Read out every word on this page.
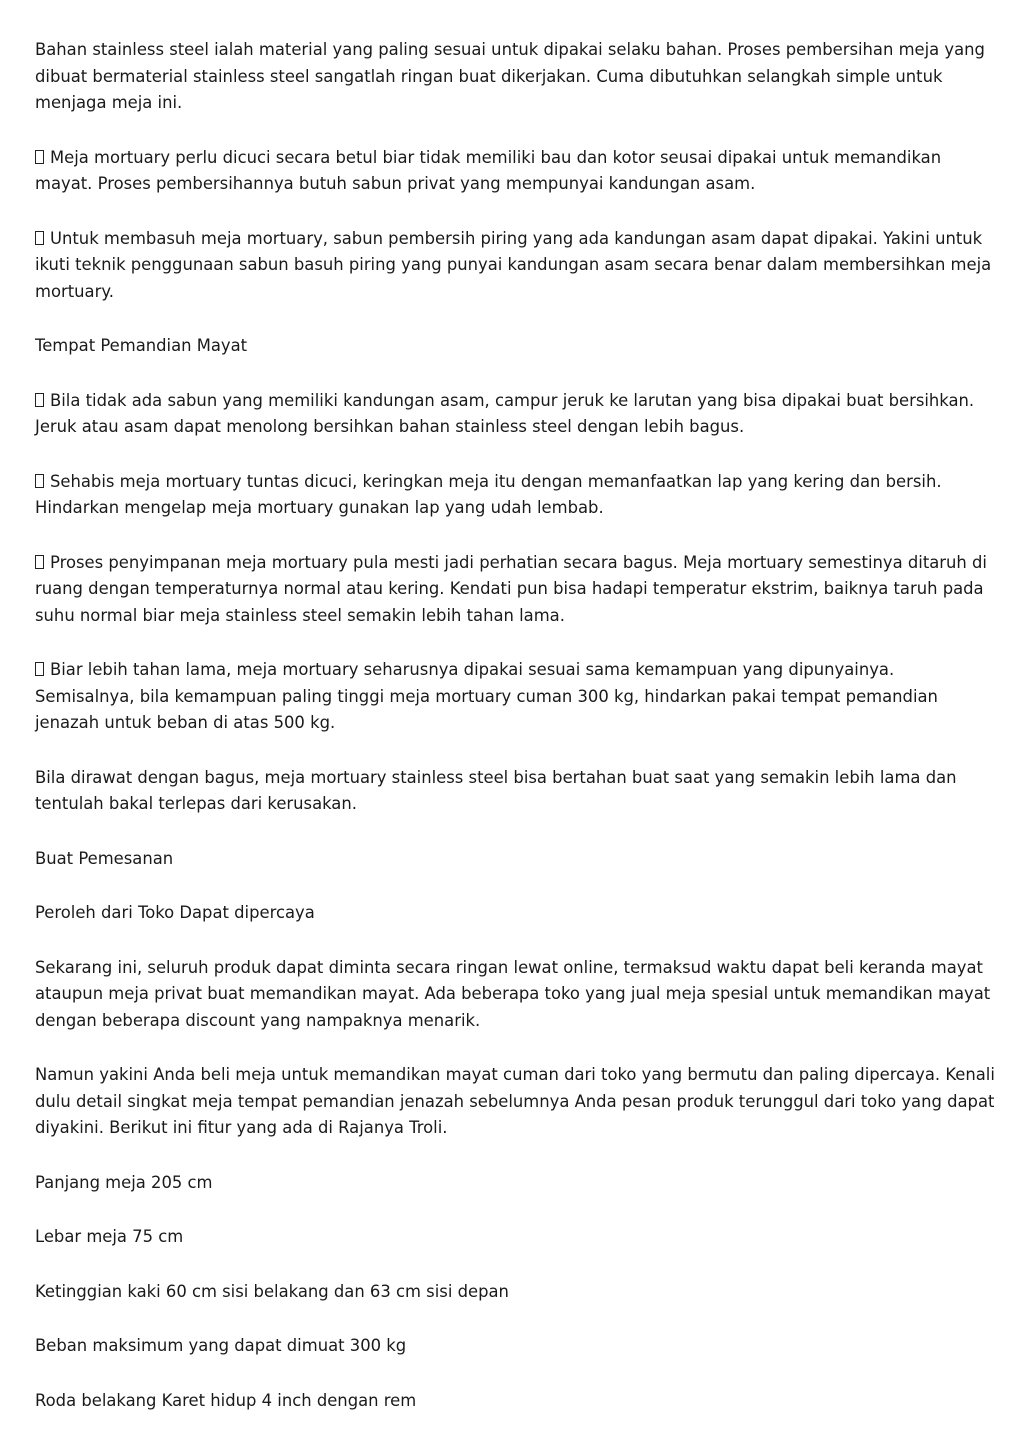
Bahan stainless steel ialah material yang paling sesuai untuk dipakai selaku bahan. Proses pembersihan meja yang dibuat bermaterial stainless steel sangatlah ringan buat dikerjakan. Cuma dibutuhkan selangkah simple untuk menjaga meja ini.

Meja mortuary perlu dicuci secara betul biar tidak memiliki bau dan kotor seusai dipakai untuk memandikan mayat. Proses pembersihannya butuh sabun privat yang mempunyai kandungan asam.

Untuk membasuh meja mortuary, sabun pembersih piring yang ada kandungan asam dapat dipakai. Yakini untuk ikuti teknik penggunaan sabun basuh piring yang punyai kandungan asam secara benar dalam membersihkan meja mortuary.

Tempat Pemandian Mayat

Bila tidak ada sabun yang memiliki kandungan asam, campur jeruk ke larutan yang bisa dipakai buat bersihkan. Jeruk atau asam dapat menolong bersihkan bahan stainless steel dengan lebih bagus.

Sehabis meja mortuary tuntas dicuci, keringkan meja itu dengan memanfaatkan lap yang kering dan bersih. Hindarkan mengelap meja mortuary gunakan lap yang udah lembab.

Proses penyimpanan meja mortuary pula mesti jadi perhatian secara bagus. Meja mortuary semestinya ditaruh di ruang dengan temperaturnya normal atau kering. Kendati pun bisa hadapi temperatur ekstrim, baiknya taruh pada suhu normal biar meja stainless steel semakin lebih tahan lama.

Biar lebih tahan lama, meja mortuary seharusnya dipakai sesuai sama kemampuan yang dipunyainya. Semisalnya, bila kemampuan paling tinggi meja mortuary cuman 300 kg, hindarkan pakai tempat pemandian jenazah untuk beban di atas 500 kg.

Bila dirawat dengan bagus, meja mortuary stainless steel bisa bertahan buat saat yang semakin lebih lama dan tentulah bakal terlepas dari kerusakan.

Buat Pemesanan

Peroleh dari Toko Dapat dipercaya

Sekarang ini, seluruh produk dapat diminta secara ringan lewat online, termaksud waktu dapat beli keranda mayat ataupun meja privat buat memandikan mayat. Ada beberapa toko yang jual meja spesial untuk memandikan mayat dengan beberapa discount yang nampaknya menarik.

Namun yakini Anda beli meja untuk memandikan mayat cuman dari toko yang bermutu dan paling dipercaya. Kenali dulu detail singkat meja tempat pemandian jenazah sebelumnya Anda pesan produk terunggul dari toko yang dapat diyakini. Berikut ini fitur yang ada di Rajanya Troli.

Panjang meja 205 cm

Lebar meja 75 cm

Ketinggian kaki 60 cm sisi belakang dan 63 cm sisi depan

Beban maksimum yang dapat dimuat 300 kg

Roda belakang Karet hidup 4 inch dengan rem
